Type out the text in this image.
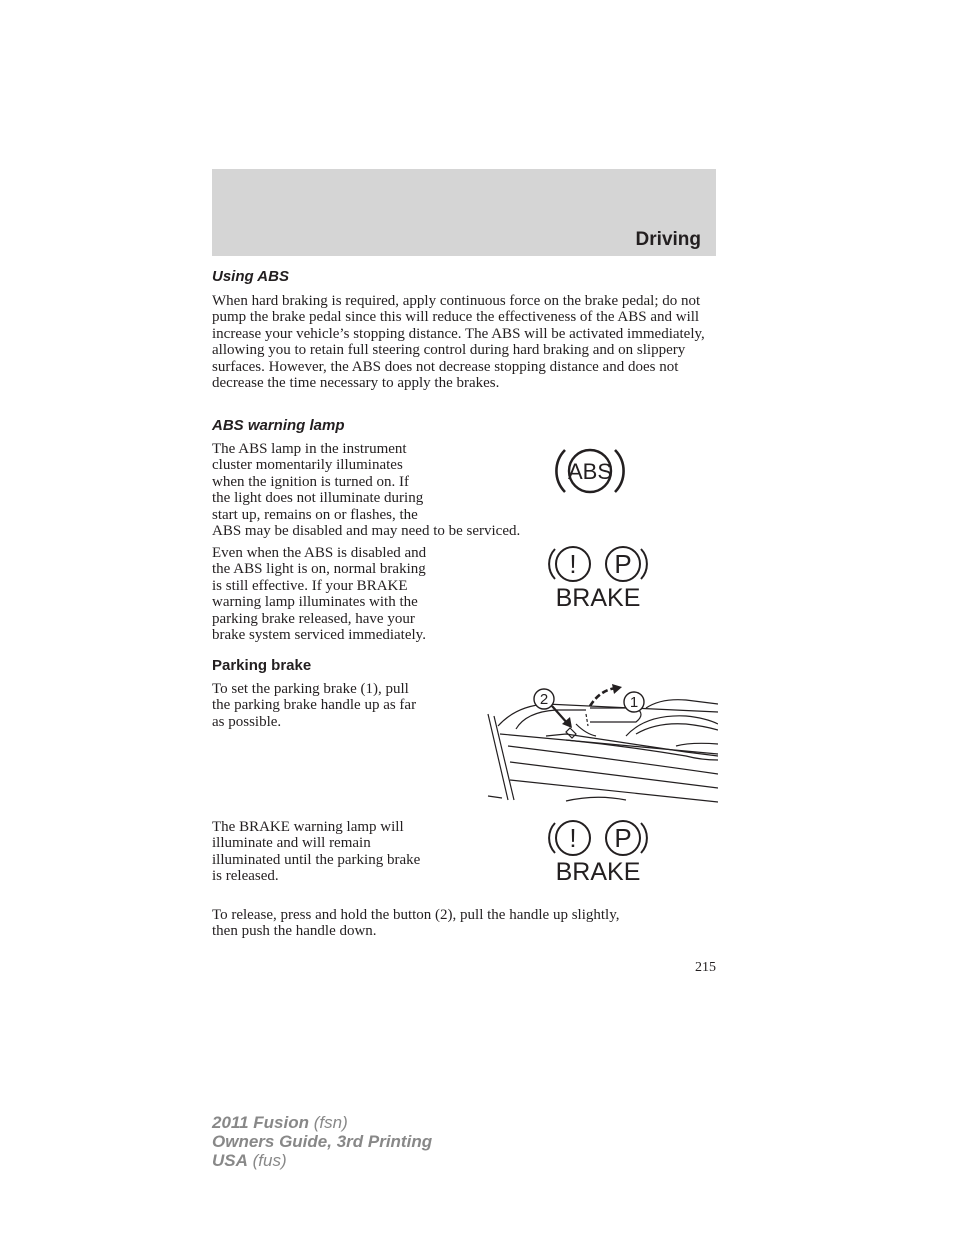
Driving
Using ABS

When hard braking is required, apply continuous force on the brake pedal; do not pump the brake pedal since this will reduce the effectiveness of the ABS and will increase your vehicle’s stopping distance. The ABS will be activated immediately, allowing you to retain full steering control during hard braking and on slippery surfaces. However, the ABS does not decrease stopping distance and does not decrease the time necessary to apply the brakes.

ABS warning lamp

The ABS lamp in the instrument
cluster momentarily illuminates
when the ignition is turned on. If
the light does not illuminate during
start up, remains on or flashes, the
ABS may be disabled and may need to be serviced.

ABS

Even when the ABS is disabled and
the ABS light is on, normal braking
is still effective. If your BRAKE
warning lamp illuminates with the
parking brake released, have your
brake system serviced immediately.

! P
BRAKE
Parking brake

To set the parking brake (1), pull
the parking brake handle up as far
as possible.

2	1

The BRAKE warning lamp will
illuminate and will remain
illuminated until the parking brake
is released.

! P
BRAKE

To release, press and hold the button (2), pull the handle up slightly,
then push the handle down.

215
2011 Fusion (fsn)
Owners Guide, 3rd Printing
USA (fus)
